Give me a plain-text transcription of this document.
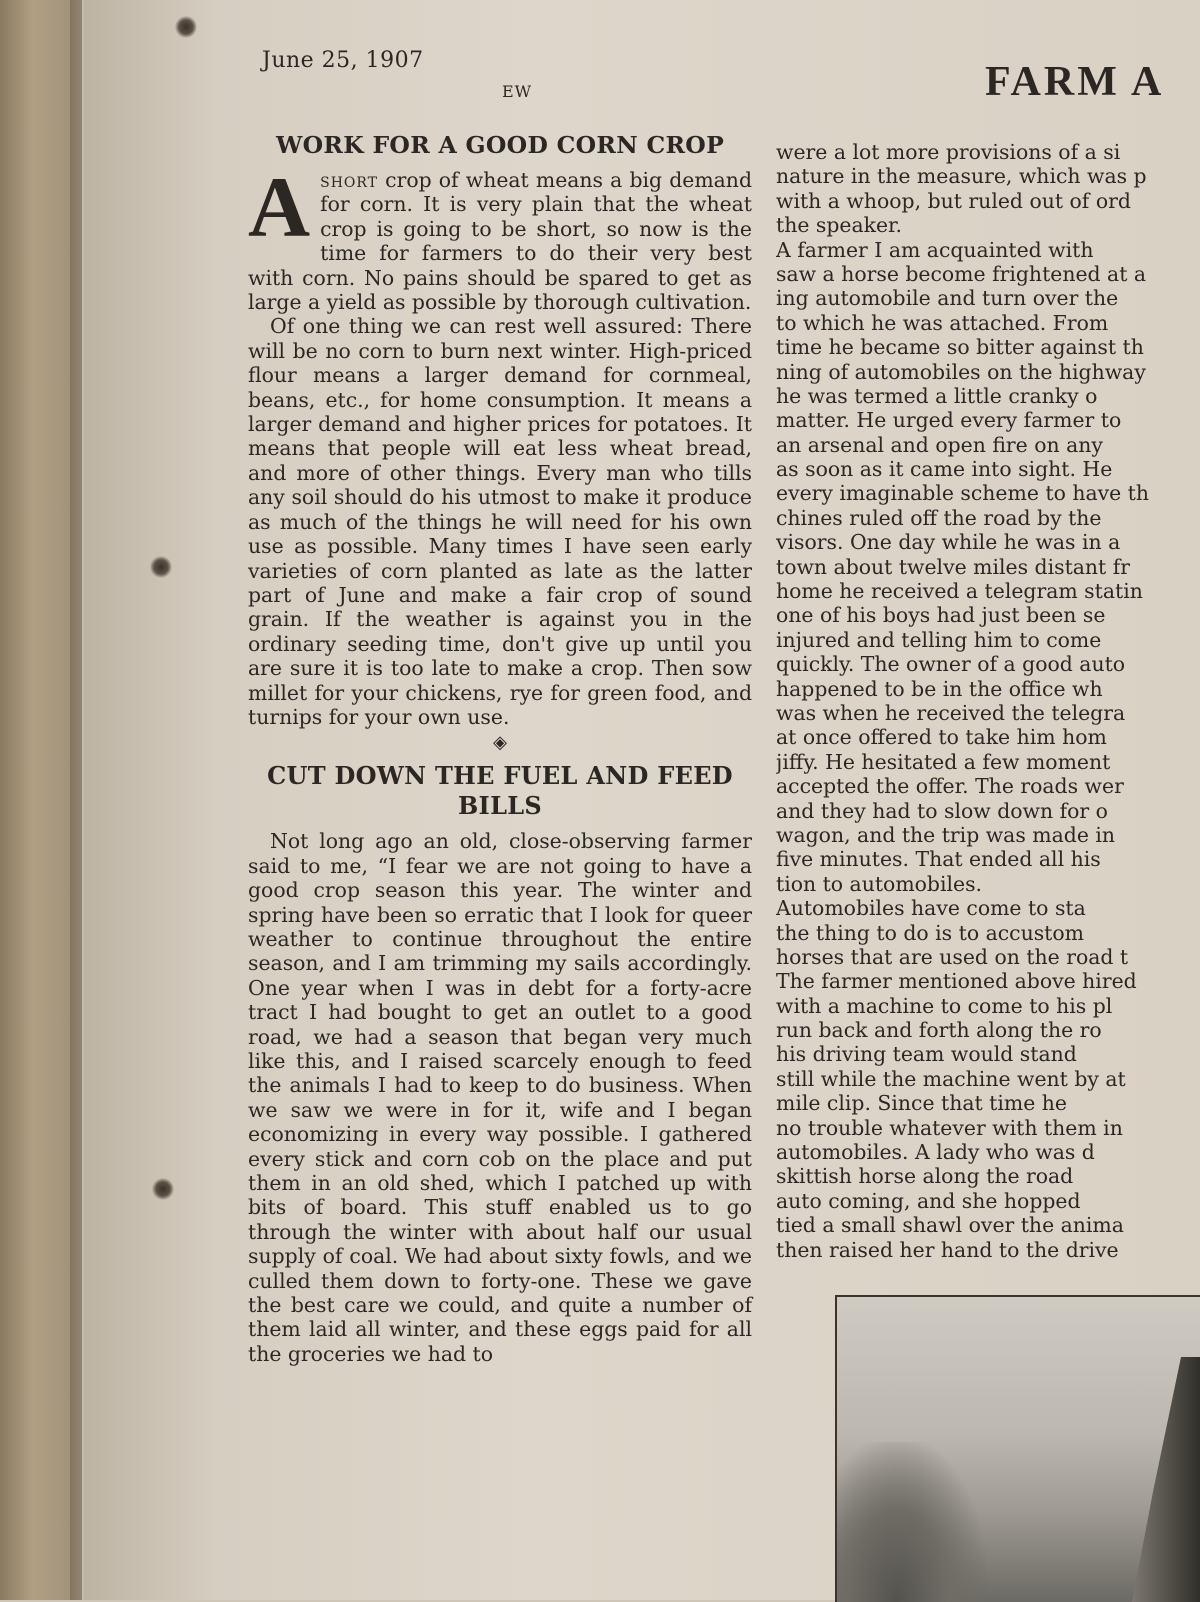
June 25, 1907
EW	FARM A
WORK FOR A GOOD CORN CROP

Ashort crop of wheat means a big demand for corn. It is very plain that the wheat crop is going to be short, so now is the time for farmers to do their very best with corn. No pains should be spared to get as large a yield as possible by thorough cultivation.

Of one thing we can rest well assured: There will be no corn to burn next winter. High-priced flour means a larger demand for cornmeal, beans, etc., for home consumption. It means a larger demand and higher prices for potatoes. It means that people will eat less wheat bread, and more of other things. Every man who tills any soil should do his utmost to make it produce as much of the things he will need for his own use as possible. Many times I have seen early varieties of corn planted as late as the latter part of June and make a fair crop of sound grain. If the weather is against you in the ordinary seeding time, don't give up until you are sure it is too late to make a crop. Then sow millet for your chickens, rye for green food, and turnips for your own use.

◈
CUT DOWN THE FUEL AND FEED BILLS

Not long ago an old, close-observing farmer said to me, “I fear we are not going to have a good crop season this year. The winter and spring have been so erratic that I look for queer weather to continue throughout the entire season, and I am trimming my sails accordingly. One year when I was in debt for a forty-acre tract I had bought to get an outlet to a good road, we had a season that began very much like this, and I raised scarcely enough to feed the animals I had to keep to do business. When we saw we were in for it, wife and I began economizing in every way possible. I gathered every stick and corn cob on the place and put them in an old shed, which I patched up with bits of board. This stuff enabled us to go through the winter with about half our usual supply of coal. We had about sixty fowls, and we culled them down to forty-one. These we gave the best care we could, and quite a number of them laid all winter, and these eggs paid for all the groceries we had to

were a lot more provisions of a si
nature in the measure, which was p
with a whoop, but ruled out of ord
the speaker.
A farmer I am acquainted with
saw a horse become frightened at a
ing automobile and turn over the
to which he was attached. From
time he became so bitter against th
ning of automobiles on the highway
he was termed a little cranky o
matter. He urged every farmer to
an arsenal and open fire on any
as soon as it came into sight. He
every imaginable scheme to have th
chines ruled off the road by the
visors. One day while he was in a
town about twelve miles distant fr
home he received a telegram statin
one of his boys had just been se
injured and telling him to come
quickly. The owner of a good auto
happened to be in the office wh
was when he received the telegra
at once offered to take him hom
jiffy. He hesitated a few moment
accepted the offer. The roads wer
and they had to slow down for o
wagon, and the trip was made in
five minutes. That ended all his
tion to automobiles.
Automobiles have come to sta
the thing to do is to accustom
horses that are used on the road t
The farmer mentioned above hired
with a machine to come to his pl
run back and forth along the ro
his driving team would stand
still while the machine went by at
mile clip. Since that time he
no trouble whatever with them in
automobiles. A lady who was d
skittish horse along the road
auto coming, and she hopped
tied a small shawl over the anima
then raised her hand to the drive
